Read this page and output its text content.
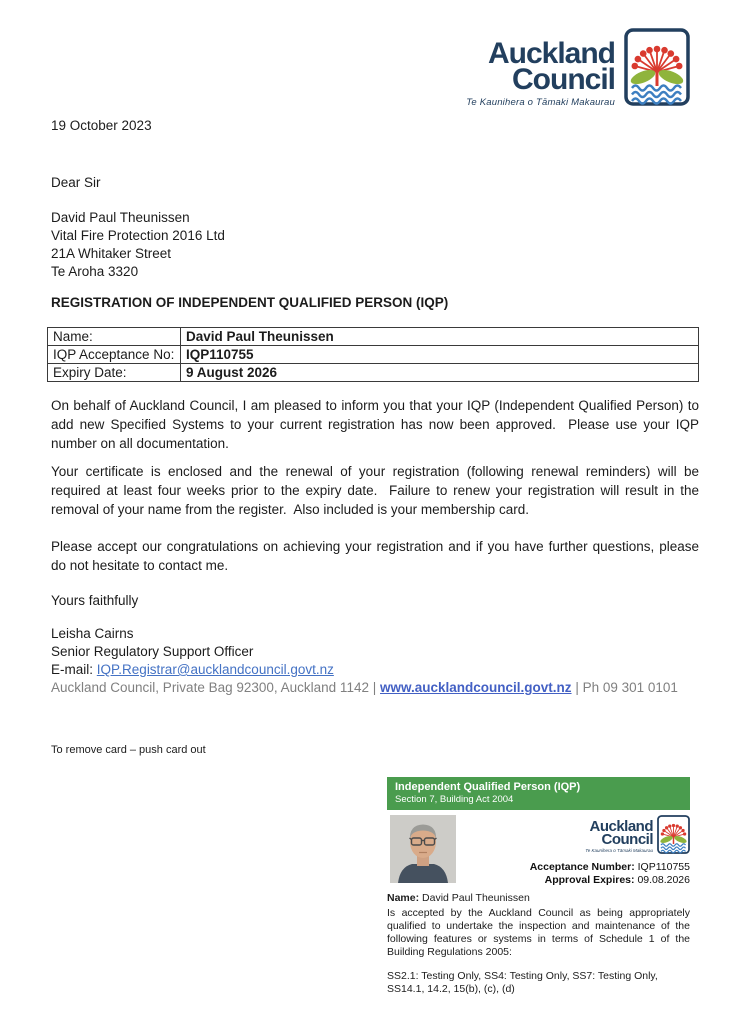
Auckland
Council
Te Kaunihera o Tāmaki Makaurau
19 October 2023
Dear Sir
David Paul Theunissen
Vital Fire Protection 2016 Ltd
21A Whitaker Street
Te Aroha 3320
REGISTRATION OF INDEPENDENT QUALIFIED PERSON (IQP)
Name:	David Paul Theunissen
IQP Acceptance No:	IQP110755
Expiry Date:	9 August 2026

On behalf of Auckland Council, I am pleased to inform you that your IQP (Independent Qualified Person) to add new Specified Systems to your current registration has now been approved.  Please use your IQP number on all documentation.

Your certificate is enclosed and the renewal of your registration (following renewal reminders) will be required at least four weeks prior to the expiry date.  Failure to renew your registration will result in the removal of your name from the register.  Also included is your membership card.

Please accept our congratulations on achieving your registration and if you have further questions, please do not hesitate to contact me.

Yours faithfully
Leisha Cairns
Senior Regulatory Support Officer
E-mail: IQP.Registrar@aucklandcouncil.govt.nz
Auckland Council, Private Bag 92300, Auckland 1142 | www.aucklandcouncil.govt.nz | Ph 09 301 0101
To remove card – push card out
Independent Qualified Person (IQP)
Section 7, Building Act 2004
Auckland
Council
Te Kaunihera o Tāmaki Makaurau
Acceptance Number: IQP110755
Approval Expires: 09.08.2026
Name: David Paul Theunissen

Is accepted by the Auckland Council as being appropriately qualified to undertake the inspection and maintenance of the following features or systems in terms of Schedule 1 of the Building Regulations 2005:

SS2.1: Testing Only, SS4: Testing Only, SS7: Testing Only, SS14.1, 14.2, 15(b), (c), (d)
